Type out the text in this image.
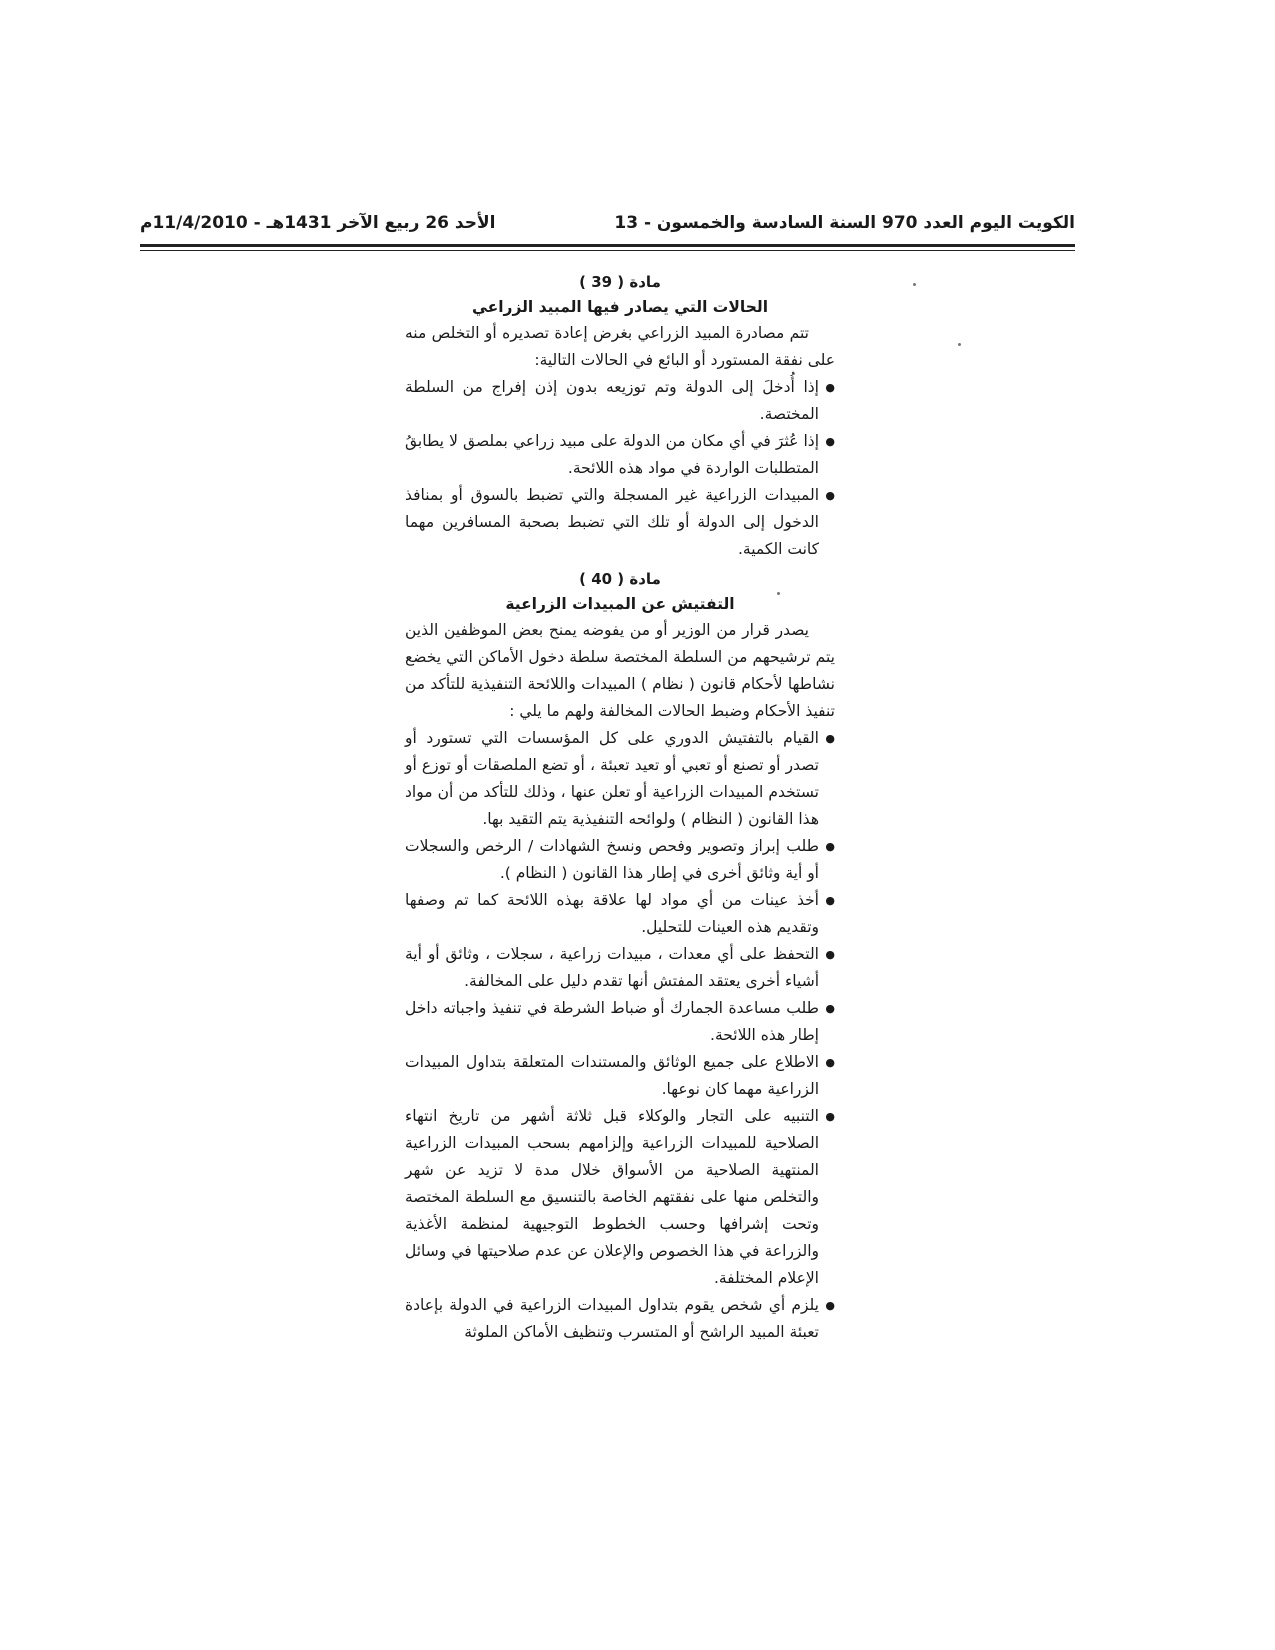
الكويت اليوم العدد 970 السنة السادسة والخمسون - 13
الأحد 26 ربيع الآخر 1431هـ - 11/4/2010م
مادة ( 39 )
الحالات التي يصادر فيها المبيد الزراعي

تتم مصادرة المبيد الزراعي بغرض إعادة تصديره أو التخلص منه على نفقة المستورد أو البائع في الحالات التالية:

● إذا أُدخلَ إلى الدولة وتم توزيعه بدون إذن إفراج من السلطة المختصة.
● إذا عُثرَ في أي مكان من الدولة على مبيد زراعي بملصق لا يطابقُ المتطلبات الواردة في مواد هذه اللائحة.
● المبيدات الزراعية غير المسجلة والتي تضبط بالسوق أو بمنافذ الدخول إلى الدولة أو تلك التي تضبط بصحبة المسافرين مهما كانت الكمية.
مادة ( 40 )
التفتيش عن المبيدات الزراعية

يصدر قرار من الوزير أو من يفوضه يمنح بعض الموظفين الذين يتم ترشيحهم من السلطة المختصة سلطة دخول الأماكن التي يخضع نشاطها لأحكام قانون ( نظام ) المبيدات واللائحة التنفيذية للتأكد من تنفيذ الأحكام وضبط الحالات المخالفة ولهم ما يلي :

● القيام بالتفتيش الدوري على كل المؤسسات التي تستورد أو تصدر أو تصنع أو تعبي أو تعيد تعبئة ، أو تضع الملصقات أو توزع أو تستخدم المبيدات الزراعية أو تعلن عنها ، وذلك للتأكد من أن مواد هذا القانون ( النظام ) ولوائحه التنفيذية يتم التقيد بها.
● طلب إبراز وتصوير وفحص ونسخ الشهادات / الرخص والسجلات أو أية وثائق أخرى في إطار هذا القانون ( النظام ).
● أخذ عينات من أي مواد لها علاقة بهذه اللائحة كما تم وصفها وتقديم هذه العينات للتحليل.
● التحفظ على أي معدات ، مبيدات زراعية ، سجلات ، وثائق أو أية أشياء أخرى يعتقد المفتش أنها تقدم دليل على المخالفة.
● طلب مساعدة الجمارك أو ضباط الشرطة في تنفيذ واجباته داخل إطار هذه اللائحة.
● الاطلاع على جميع الوثائق والمستندات المتعلقة بتداول المبيدات الزراعية مهما كان نوعها.
● التنبيه على التجار والوكلاء قبل ثلاثة أشهر من تاريخ انتهاء الصلاحية للمبيدات الزراعية وإلزامهم بسحب المبيدات الزراعية المنتهية الصلاحية من الأسواق خلال مدة لا تزيد عن شهر والتخلص منها على نفقتهم الخاصة بالتنسيق مع السلطة المختصة وتحت إشرافها وحسب الخطوط التوجيهية لمنظمة الأغذية والزراعة في هذا الخصوص والإعلان عن عدم صلاحيتها في وسائل الإعلام المختلفة.
● يلزم أي شخص يقوم بتداول المبيدات الزراعية في الدولة بإعادة تعبئة المبيد الراشح أو المتسرب وتنظيف الأماكن الملوثة
